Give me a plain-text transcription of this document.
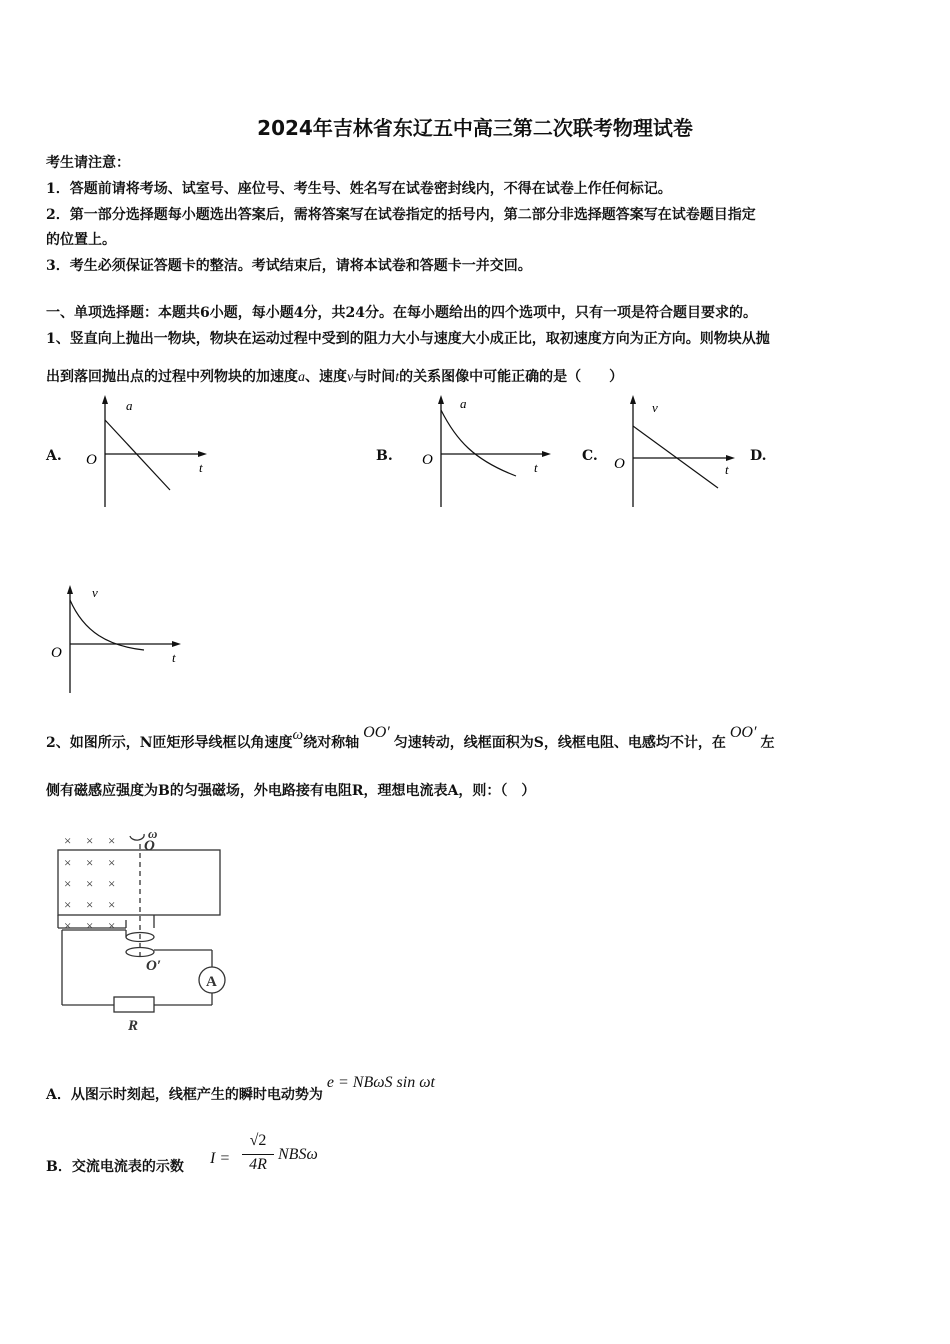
2024年吉林省东辽五中高三第二次联考物理试卷
考生请注意：
1．答题前请将考场、试室号、座位号、考生号、姓名写在试卷密封线内，不得在试卷上作任何标记。
2．第一部分选择题每小题选出答案后，需将答案写在试卷指定的括号内，第二部分非选择题答案写在试卷题目指定
的位置上。
3．考生必须保证答题卡的整洁。考试结束后，请将本试卷和答题卡一并交回。
一、单项选择题：本题共6小题，每小题4分，共24分。在每小题给出的四个选项中，只有一项是符合题目要求的。
1、竖直向上抛出一物块，物块在运动过程中受到的阻力大小与速度大小成正比，取初速度方向为正方向。则物块从抛
出到落回抛出点的过程中列物块的加速度a、速度v与时间t的关系图像中可能正确的是（　　）
A.
a
O	t
B.
a
O	t
C.
v
O	t
D.
v
O	t
2、如图所示，N匝矩形导线框以角速度ω绕对称轴OO′匀速转动，线框面积为S，线框电阻、电感均不计，在OO′左
侧有磁感应强度为B的匀强磁场，外电路接有电阻R，理想电流表A，则：（　）
× × ×
× × ×
× × ×
× × ×
× × ×
ω
O
O′
A
R
A．从图示时刻起，线框产生的瞬时电动势为e = NBωS sin ωt
B．交流电流表的示数 I =
√2
4R
NBSω
